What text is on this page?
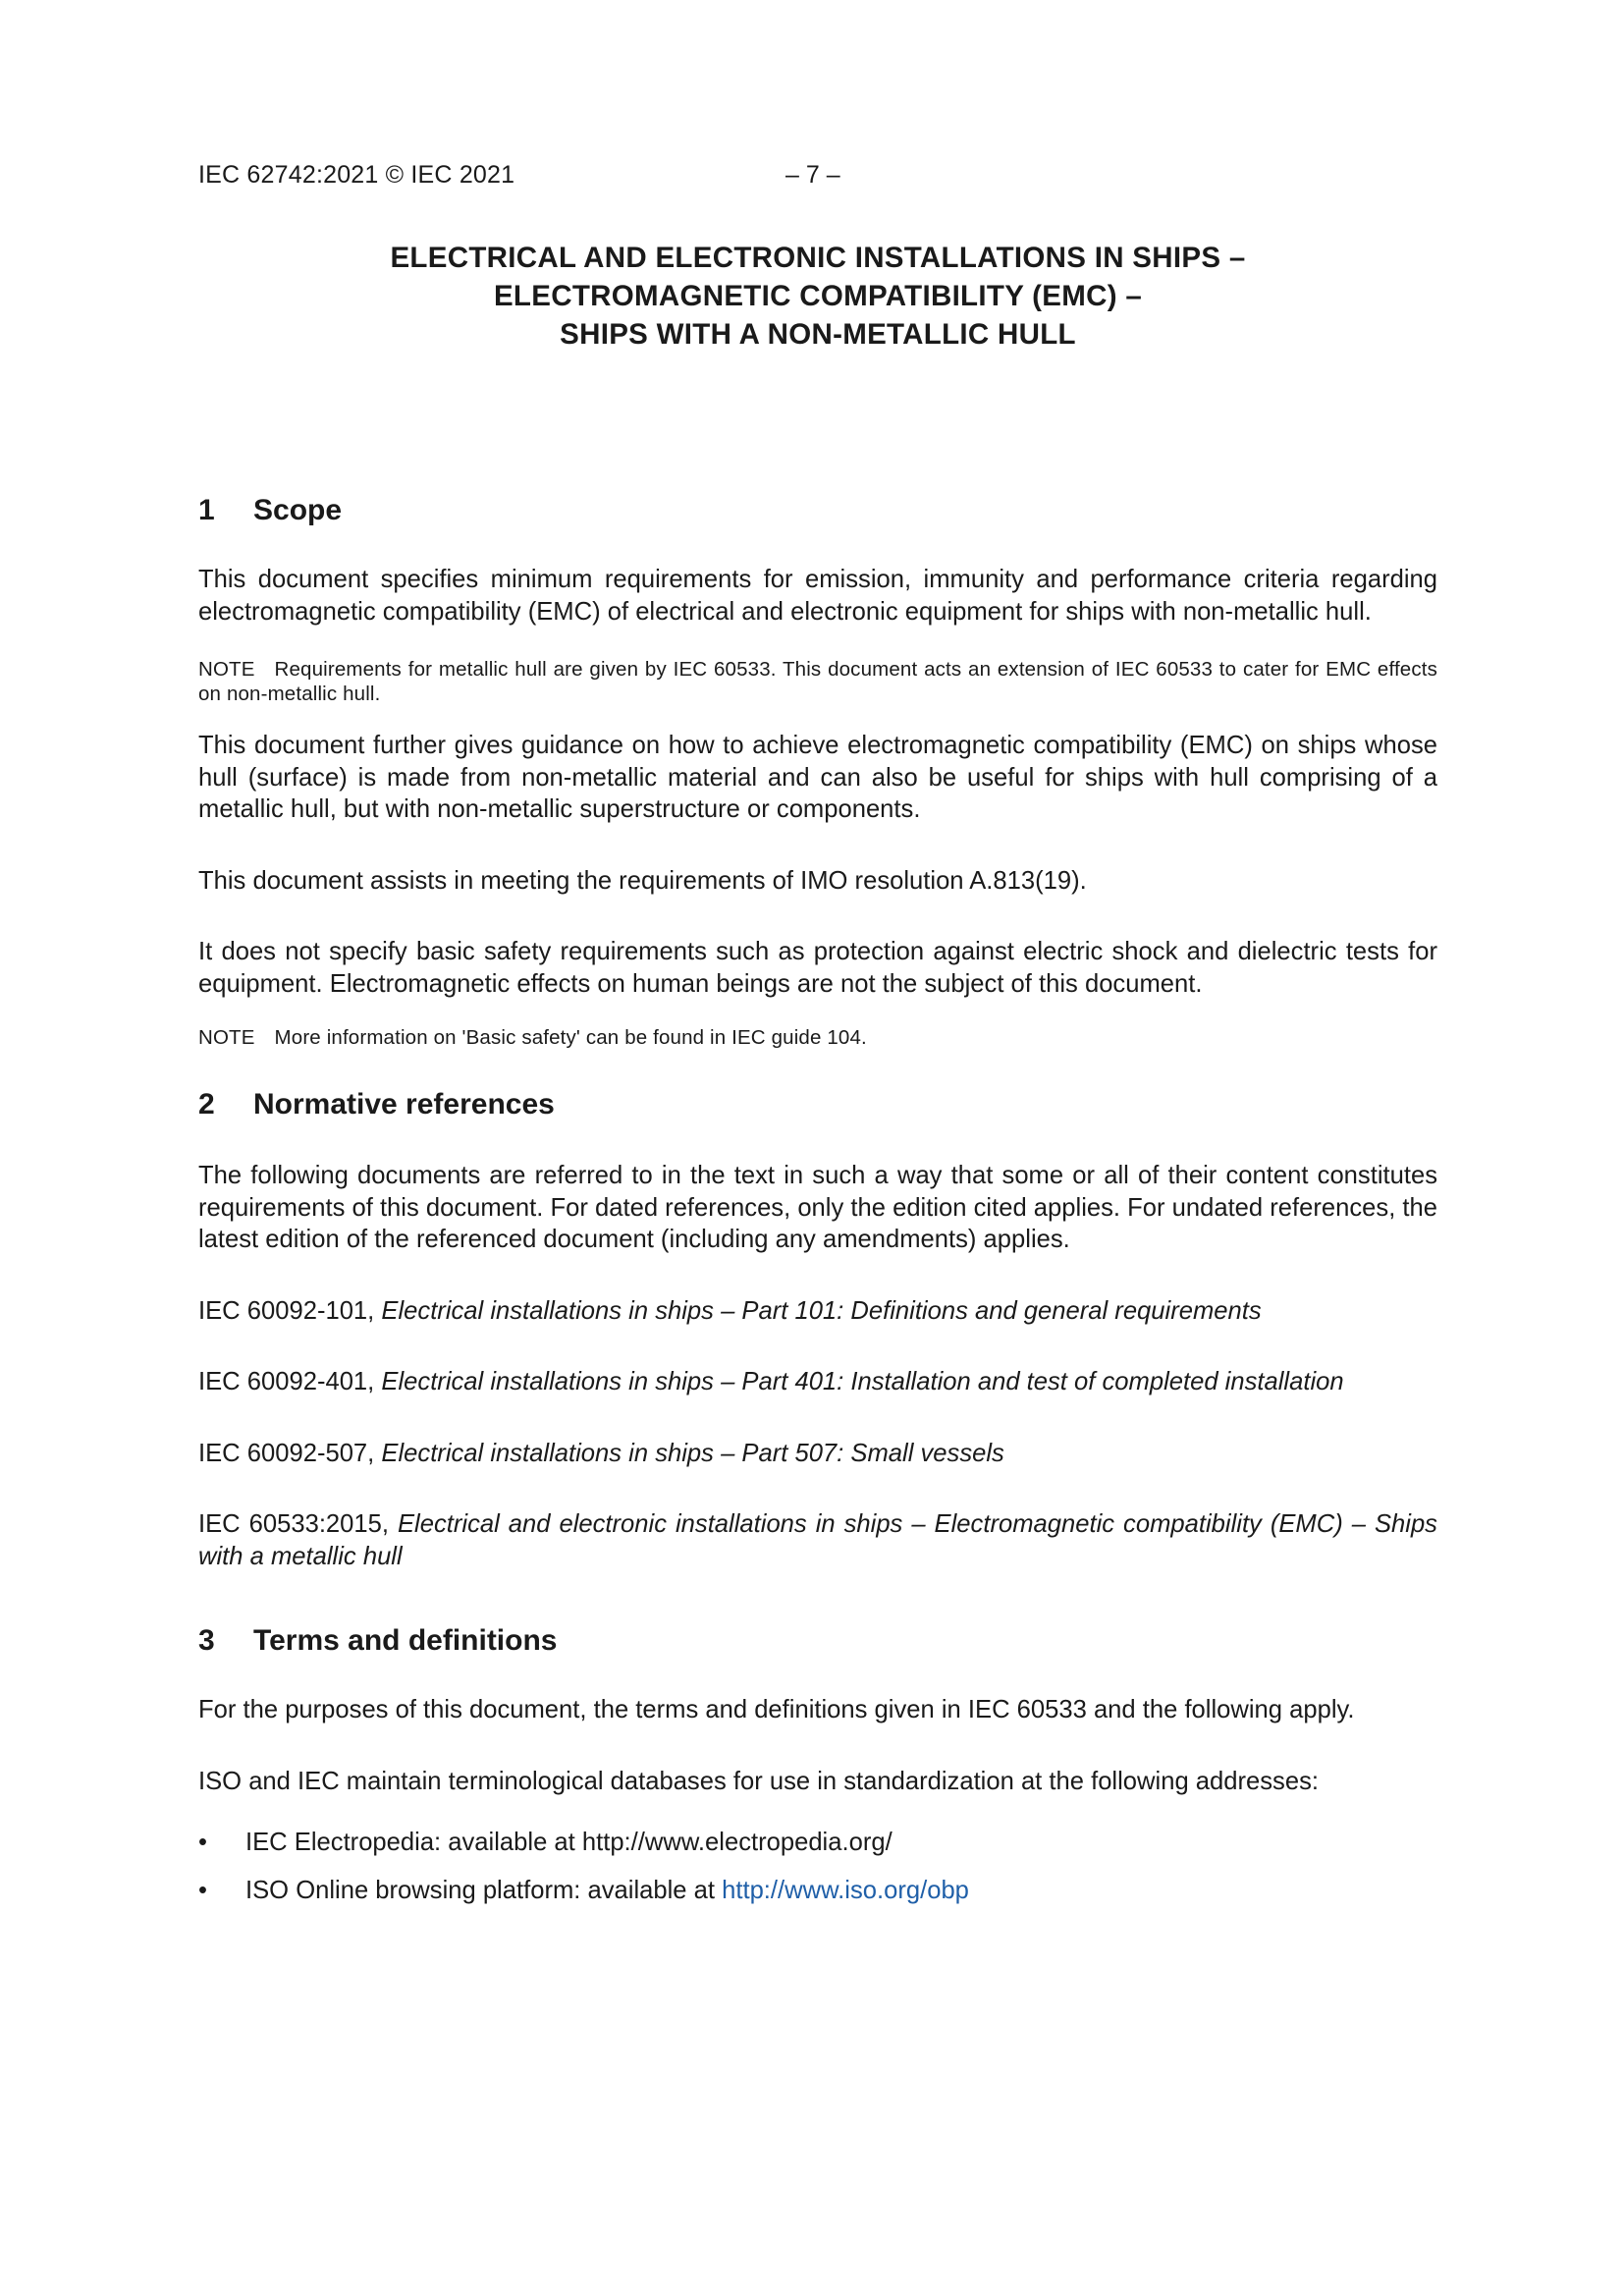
IEC 62742:2021 © IEC 2021	– 7 –
ELECTRICAL AND ELECTRONIC INSTALLATIONS IN SHIPS –
ELECTROMAGNETIC COMPATIBILITY (EMC) –
SHIPS WITH A NON-METALLIC HULL
1	Scope

This document specifies minimum requirements for emission, immunity and performance criteria regarding electromagnetic compatibility (EMC) of electrical and electronic equipment for ships with non-metallic hull.

NOTE Requirements for metallic hull are given by IEC 60533. This document acts an extension of IEC 60533 to cater for EMC effects on non-metallic hull.

This document further gives guidance on how to achieve electromagnetic compatibility (EMC) on ships whose hull (surface) is made from non-metallic material and can also be useful for ships with hull comprising of a metallic hull, but with non-metallic superstructure or components.

This document assists in meeting the requirements of IMO resolution A.813(19).

It does not specify basic safety requirements such as protection against electric shock and dielectric tests for equipment. Electromagnetic effects on human beings are not the subject of this document.

NOTE More information on 'Basic safety' can be found in IEC guide 104.
2	Normative references

The following documents are referred to in the text in such a way that some or all of their content constitutes requirements of this document. For dated references, only the edition cited applies. For undated references, the latest edition of the referenced document (including any amendments) applies.

IEC 60092-101, Electrical installations in ships – Part 101: Definitions and general requirements

IEC 60092-401, Electrical installations in ships – Part 401: Installation and test of completed installation

IEC 60092-507, Electrical installations in ships – Part 507: Small vessels

IEC 60533:2015, Electrical and electronic installations in ships – Electromagnetic compatibility (EMC) – Ships with a metallic hull

3	Terms and definitions

For the purposes of this document, the terms and definitions given in IEC 60533 and the following apply.

ISO and IEC maintain terminological databases for use in standardization at the following addresses:

• IEC Electropedia: available at http://www.electropedia.org/
• ISO Online browsing platform: available at http://www.iso.org/obp
